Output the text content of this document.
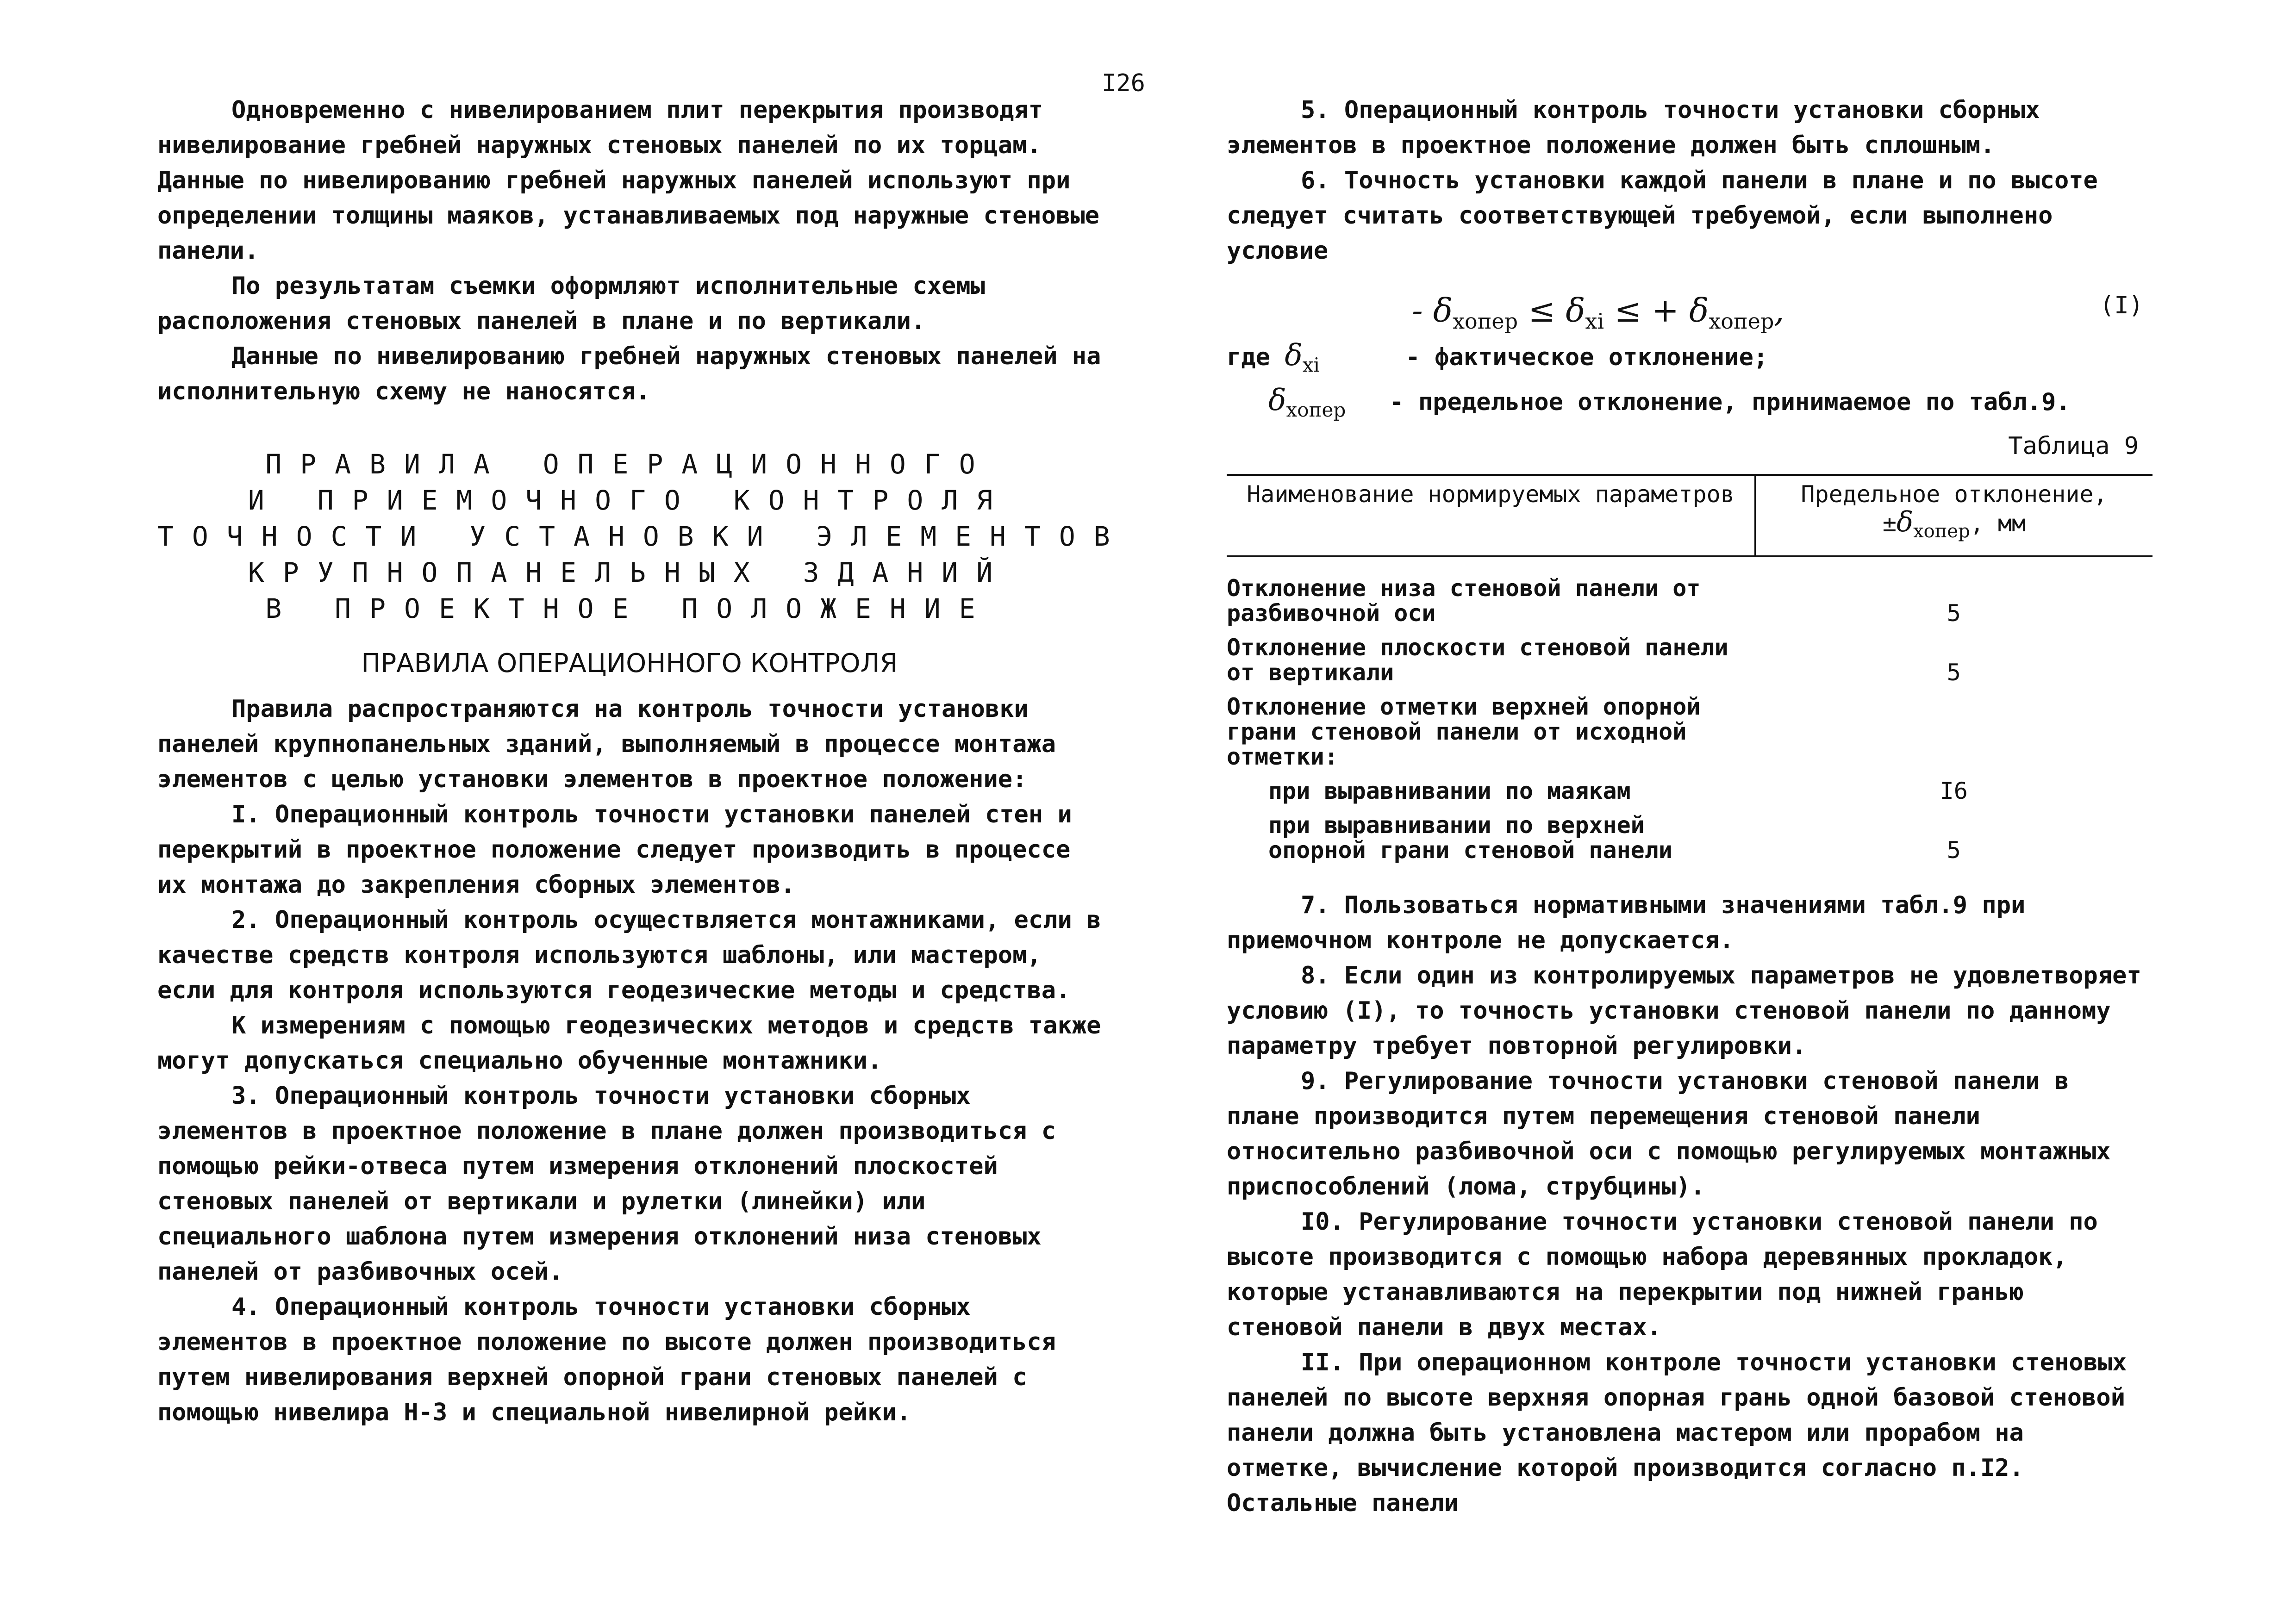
I26

Одновременно с нивелированием плит перекрытия производят нивелирование гребней наружных стеновых панелей по их торцам. Данные по нивелированию гребней наружных панелей используют при определении толщины маяков, устанавливаемых под наружные стеновые панели.

По результатам съемки оформляют исполнительные схемы расположения стеновых панелей в плане и по вертикали.

Данные по нивелированию гребней наружных стеновых панелей на исполнительную схему не наносятся.

ПРАВИЛА ОПЕРАЦИОННОГО
И ПРИЕМОЧНОГО КОНТРОЛЯ
ТОЧНОСТИ УСТАНОВКИ ЭЛЕМЕНТОВ
КРУПНОПАНЕЛЬНЫХ ЗДАНИЙ
В ПРОЕКТНОЕ ПОЛОЖЕНИЕ
ПРАВИЛА ОПЕРАЦИОННОГО КОНТРОЛЯ

Правила распространяются на контроль точности установки панелей крупнопанельных зданий, выполняемый в процессе монтажа элементов с целью установки элементов в проектное положение:

I. Операционный контроль точности установки панелей стен и перекрытий в проектное положение следует производить в процессе их монтажа до закрепления сборных элементов.

2. Операционный контроль осуществляется монтажниками, если в качестве средств контроля используются шаблоны, или мастером, если для контроля используются геодезические методы и средства.

К измерениям с помощью геодезических методов и средств также могут допускаться специально обученные монтажники.

3. Операционный контроль точности установки сборных элементов в проектное положение в плане должен производиться с помощью рейки-отвеса путем измерения отклонений плоскостей стеновых панелей от вертикали и рулетки (линейки) или специального шаблона путем измерения отклонений низа стеновых панелей от разбивочных осей.

4. Операционный контроль точности установки сборных элементов в проектное положение по высоте должен производиться путем нивелирования верхней опорной грани стеновых панелей с помощью нивелира Н-3 и специальной нивелирной рейки.

5. Операционный контроль точности установки сборных элементов в проектное положение должен быть сплошным.

6. Точность установки каждой панели в плане и по высоте следует считать соответствующей требуемой, если выполнено условие

- $\delta_{xопер} \le \delta_{xi}$ ≤ + $\delta_{xопер}$,	(I)
где $\delta_{xi}$	- фактическое отклонение;
$\delta_{xопер}$ - предельное отклонение, принимаемое по табл.9.
Таблица 9
Наименование нормируемых параметров	Предельное отклонение,
$\pm\delta_{xопер}$, мм
Отклонение низа стеновой панели от разбивочной оси	5
Отклонение плоскости стеновой панели от вертикали	5
Отклонение отметки верхней опорной грани стеновой панели от исходной отметки:	
при выравнивании по маякам	I6
при выравнивании по верхней опорной грани стеновой панели	5

7. Пользоваться нормативными значениями табл.9 при приемочном контроле не допускается.

8. Если один из контролируемых параметров не удовлетворяет условию (I), то точность установки стеновой панели по данному параметру требует повторной регулировки.

9. Регулирование точности установки стеновой панели в плане производится путем перемещения стеновой панели относительно разбивочной оси с помощью регулируемых монтажных приспособлений (лома, струбцины).

I0. Регулирование точности установки стеновой панели по высоте производится с помощью набора деревянных прокладок, которые устанавливаются на перекрытии под нижней гранью стеновой панели в двух местах.

II. При операционном контроле точности установки стеновых панелей по высоте верхняя опорная грань одной базовой стеновой панели должна быть установлена мастером или прорабом на отметке, вычисление которой производится согласно п.I2. Остальные панели
